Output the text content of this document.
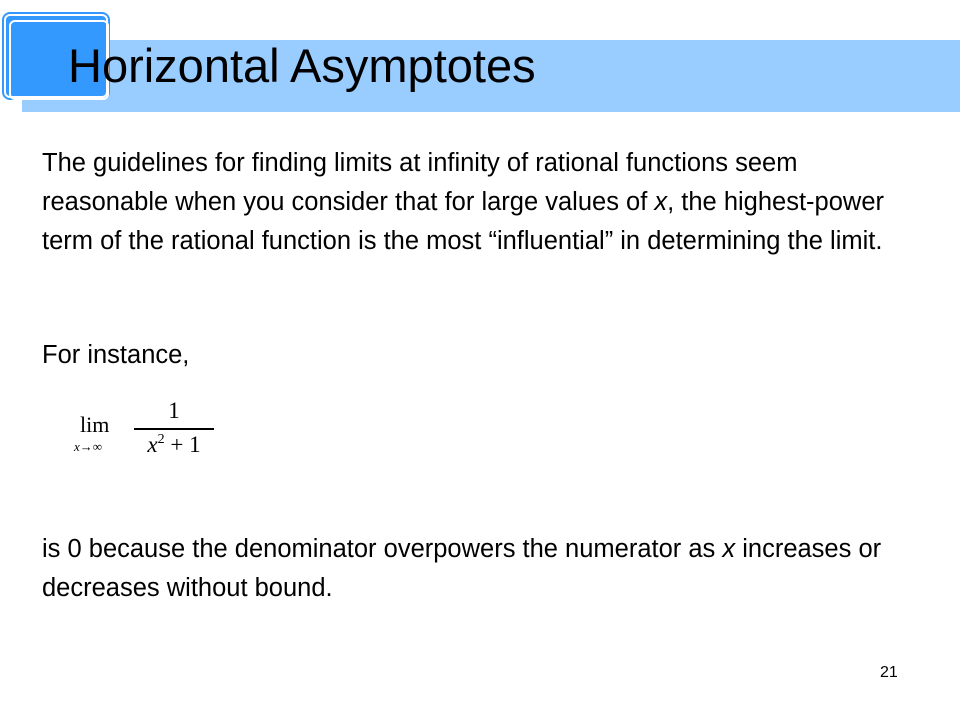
Horizontal Asymptotes

The guidelines for finding limits at infinity of rational functions seem reasonable when you consider that for large values of x, the highest-power term of the rational function is the most “influential” in determining the limit.

For instance,

lim
x→∞
1
$x^2 + 1$

is 0 because the denominator overpowers the numerator as x increases or decreases without bound.

21
